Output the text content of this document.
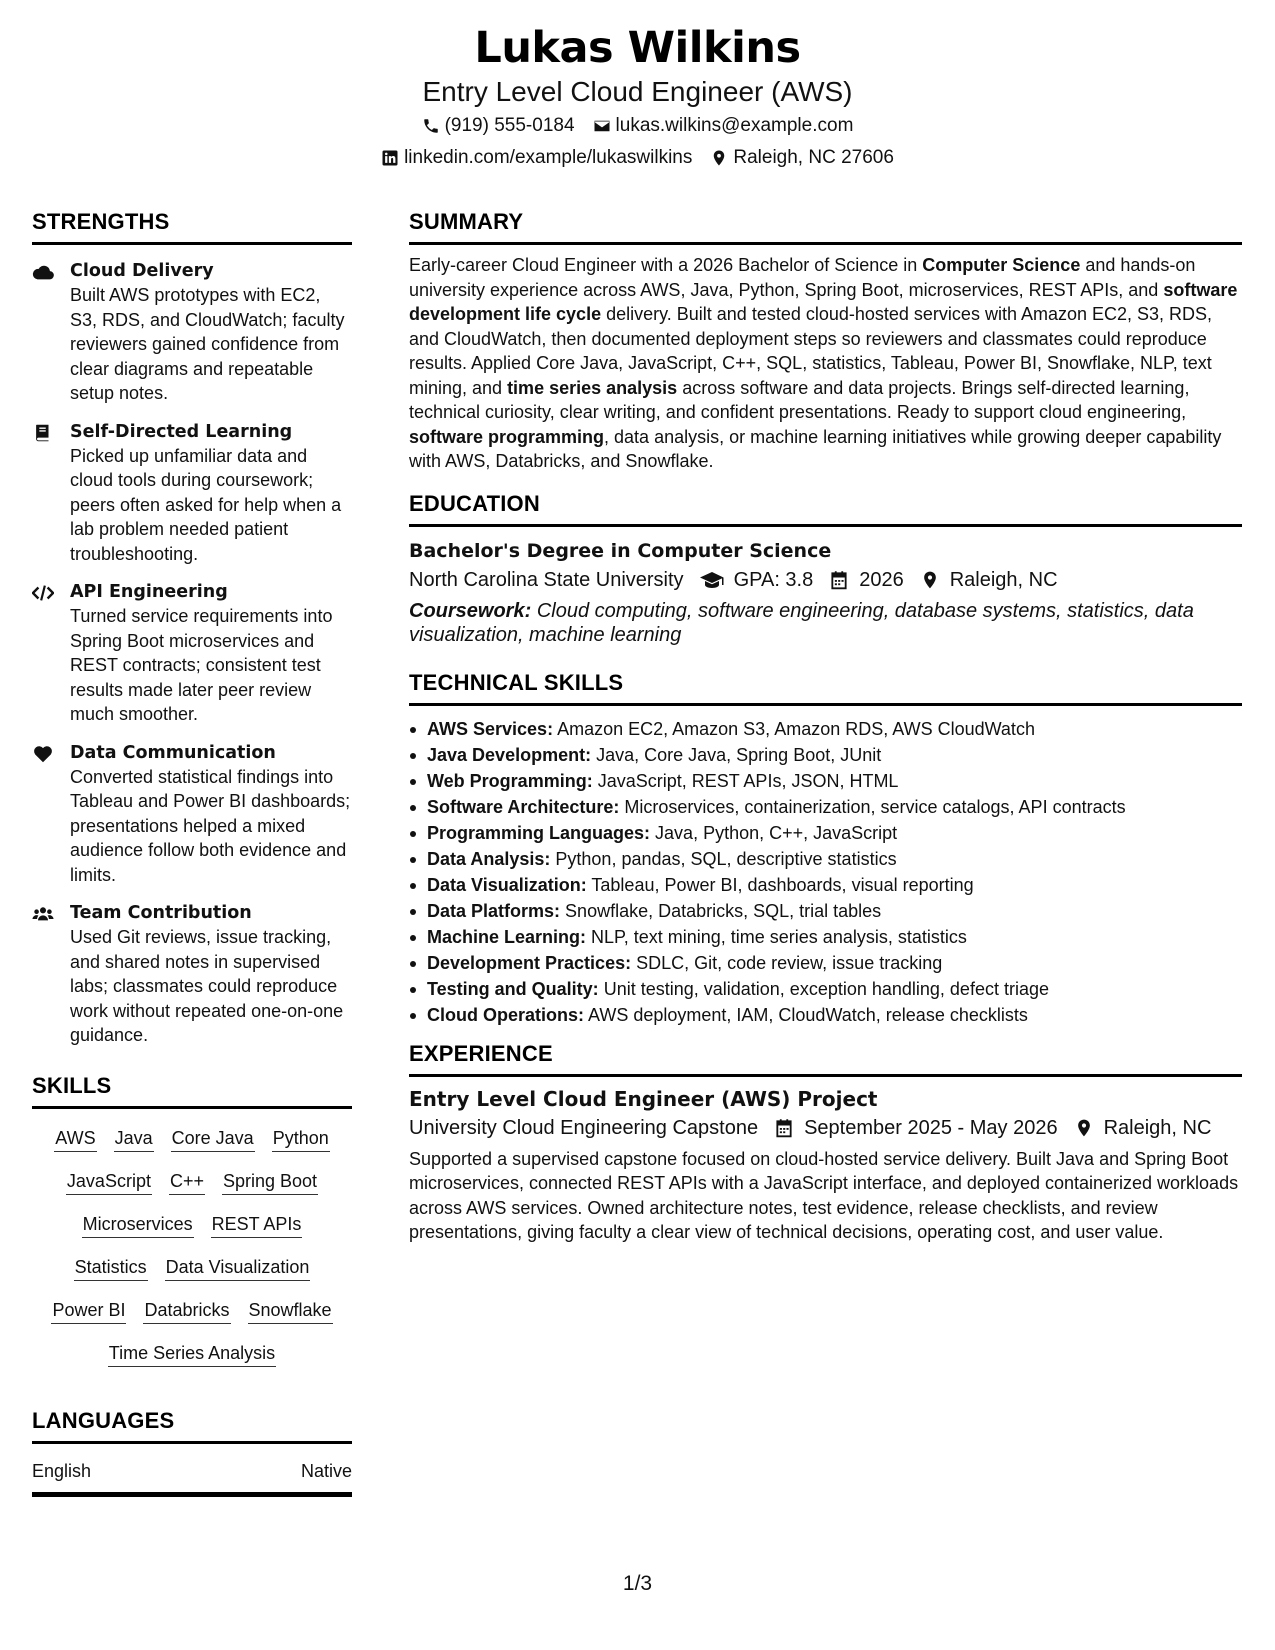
Lukas Wilkins
Entry Level Cloud Engineer (AWS)
(919) 555-0184 lukas.wilkins@example.com
linkedin.com/example/lukaswilkins Raleigh, NC 27606
STRENGTHS
Cloud Delivery
Built AWS prototypes with EC2, S3, RDS, and CloudWatch; faculty reviewers gained confidence from clear diagrams and repeatable setup notes.
Self-Directed Learning
Picked up unfamiliar data and cloud tools during coursework; peers often asked for help when a lab problem needed patient troubleshooting.
API Engineering
Turned service requirements into Spring Boot microservices and REST contracts; consistent test results made later peer review much smoother.
Data Communication
Converted statistical findings into Tableau and Power BI dashboards; presentations helped a mixed audience follow both evidence and limits.
Team Contribution
Used Git reviews, issue tracking, and shared notes in supervised labs; classmates could reproduce work without repeated one-on-one guidance.
SKILLS
AWS Java Core Java Python
JavaScript C++ Spring Boot
Microservices REST APIs
Statistics Data Visualization
Power BI Databricks Snowflake
Time Series Analysis
LANGUAGES
English	Native
SUMMARY
Early-career Cloud Engineer with a 2026 Bachelor of Science in Computer Science and hands-on university experience across AWS, Java, Python, Spring Boot, microservices, REST APIs, and software development life cycle delivery. Built and tested cloud-hosted services with Amazon EC2, S3, RDS, and CloudWatch, then documented deployment steps so reviewers and classmates could reproduce results. Applied Core Java, JavaScript, C++, SQL, statistics, Tableau, Power BI, Snowflake, NLP, text mining, and time series analysis across software and data projects. Brings self-directed learning, technical curiosity, clear writing, and confident presentations. Ready to support cloud engineering, software programming, data analysis, or machine learning initiatives while growing deeper capability with AWS, Databricks, and Snowflake.
EDUCATION
Bachelor's Degree in Computer Science
North Carolina State University	GPA: 3.8 2026 Raleigh, NC
Coursework: Cloud computing, software engineering, database systems, statistics, data visualization, machine learning
TECHNICAL SKILLS
AWS Services: Amazon EC2, Amazon S3, Amazon RDS, AWS CloudWatch
Java Development: Java, Core Java, Spring Boot, JUnit
Web Programming: JavaScript, REST APIs, JSON, HTML
Software Architecture: Microservices, containerization, service catalogs, API contracts
Programming Languages: Java, Python, C++, JavaScript
Data Analysis: Python, pandas, SQL, descriptive statistics
Data Visualization: Tableau, Power BI, dashboards, visual reporting
Data Platforms: Snowflake, Databricks, SQL, trial tables
Machine Learning: NLP, text mining, time series analysis, statistics
Development Practices: SDLC, Git, code review, issue tracking
Testing and Quality: Unit testing, validation, exception handling, defect triage
Cloud Operations: AWS deployment, IAM, CloudWatch, release checklists
EXPERIENCE
Entry Level Cloud Engineer (AWS) Project
University Cloud Engineering Capstone September 2025 - May 2026 Raleigh, NC
Supported a supervised capstone focused on cloud-hosted service delivery. Built Java and Spring Boot microservices, connected REST APIs with a JavaScript interface, and deployed containerized workloads across AWS services. Owned architecture notes, test evidence, release checklists, and review presentations, giving faculty a clear view of technical decisions, operating cost, and user value.
1/3
